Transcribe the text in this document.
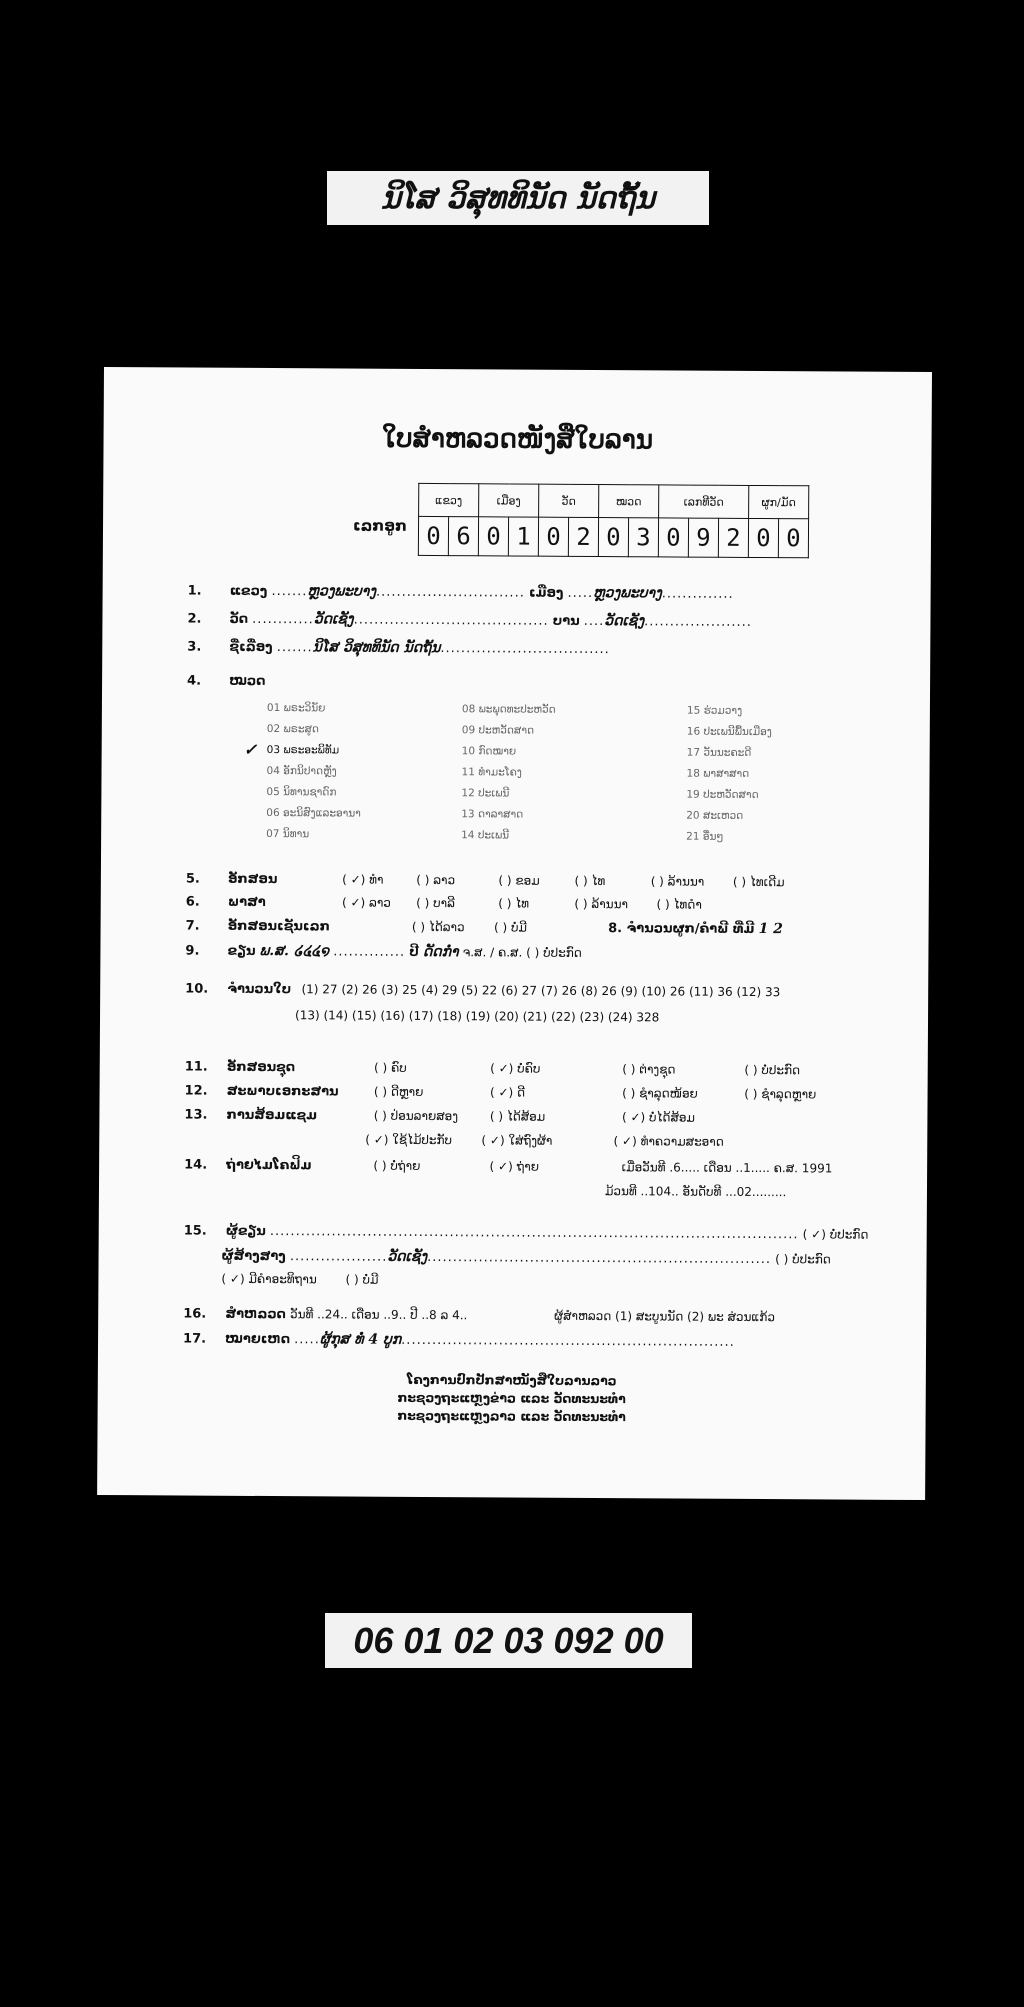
ນິໂສ ວິສຸທທິນັດ ນັດຖັ້ນ
ໃບສຳຫລວດໜັງສືໃບລານ
ເລກອູກ
ແຂວງ		ເມືອງ		ວັດ		ໝວດ		ເລກທີວັດ			ຜູກ/ມັດ	
0	6	0	1	0	2	0	3	0	9	2	0	0
1. ແຂວງ .......ຫຼວງພະບາງ............................. ເມືອງ .....ຫຼວງພະບາງ..............
2. ວັດ ............ວັດເຊັງ...................................... ບານ ....ວັດເຊັງ.....................
3. ຊື່ເລື່ອງ .......ນິໂສ ວິສຸທທິນັດ ນັດຖັ້ນ.................................
4. ໝວດ
01 ພຣະວິນັຍ
02 ພຣະສູດ
03 ພຣະອະພິທັມ
04 ອັກນິປາດຫຼັງ
05 ນິທານຊາດົກ
06 ອະນິສົງແລະອານາ
07 ນິທານ
08 ພະພຸດທະປະຫວັດ
09 ປະຫວັດສາດ
10 ກົດໝາຍ
11 ທຳມະໂຄງ
12 ປະເພນີ
13 ດາລາສາດ
14 ປະເພນີ
15 ຮ່ວມວາງ
16 ປະເພນີພື້ນເມືອງ
17 ວັນນະຄະດີ
18 ພາສາສາດ
19 ປະຫວັດສາດ
20 ສະເຫວດ
21 ອື່ນໆ
✓
5. ອັກສອນ	( ✓) ທຳ	( ) ລາວ	( ) ຂອມ	( ) ໄທ	( ) ລ້ານນາ ( ) ໄທເດີມ
6. ພາສາ	( ✓) ລາວ ( ) ບາລີ	( ) ໄທ	( ) ລ້ານນາ ( ) ໄທດຳ
7. ອັກສອນເຊັນເລກ	( ) ໄດ້ລາວ ( ) ບໍ່ມີ	8. ຈຳນວນຜູກ/ຄຳພີ ທີ່ມີ 1 2
9. ຂຽນ ພ.ສ. ໒໔໔໑ .............. ປີ ດັດກ່ຳ ຈ.ສ. / ຄ.ສ. ( ) ບໍ່ປະກົດ
10. ຈຳນວນໃບ (1) 27 (2) 26 (3) 25 (4) 29 (5) 22 (6) 27 (7) 26 (8) 26 (9) (10) 26 (11) 36 (12) 33
(13) (14) (15) (16) (17) (18) (19) (20) (21) (22) (23) (24) 328
11. ອັກສອນຊຸດ	( ) ຄົບ	( ✓) ບໍ່ຄົບ	( ) ຕ່າງຊຸດ	( ) ບໍ່ປະກົດ
12. ສະພາບເອກະສານ	( ) ດີຫຼາຍ	( ✓) ດີ	( ) ຊຳລຸດໜ້ອຍ	( ) ຊຳລຸດຫຼາຍ
13. ການສ້ອມແຊມ	( ) ປ່ອນລາຍສອງ	( ) ໄດ້ສ້ອມ	( ✓) ບໍ່ໄດ້ສ້ອມ
( ✓) ໃຊ້ໄມ້ປະກັບ ( ✓) ໃສ່ຖົງຜ້າ	( ✓) ທຳຄວາມສະອາດ
14. ຖ່າຍໄມໂຄຟິມ	( ) ບໍ່ຖ່າຍ	( ✓) ຖ່າຍ	ເມື່ອວັນທີ .6..... ເດືອນ ..1..... ຄ.ສ. 1991
ມ້ວນທີ ..104.. ອັນດັບທີ ...02.........
15. ຜູ້ຂຽນ ....................................................................................................... ( ✓) ບໍ່ປະກົດ
ຜູ້ສ້າງສາງ ...................ວັດເຊັງ................................................................... ( ) ບໍ່ປະກົດ
( ✓) ມີຄຳອະທິຖານ ( ) ບໍ່ມີ
16. ສຳຫລວດ ວັນທີ ..24.. ເດືອນ ..9.. ປີ ..8 ລ 4..	ຜູ້ສຳຫລວດ (1) ສະບູນນັດ (2) ພະ ສ່ວນແກ້ວ
17. ໝາຍເຫດ .....ຜູ້ກຸສ ທໍ່ 4 ບູກ.................................................................
ໂຄງການປົກປັກສາໜັງສືໃບລານລາວ
ກະຊວງຖະແຫຼງຂ່າວ ແລະ ວັດທະນະທຳ
ກະຊວງຖະແຫຼງລາວ ແລະ ວັດທະນະທຳ
06 01 02 03 092 00
